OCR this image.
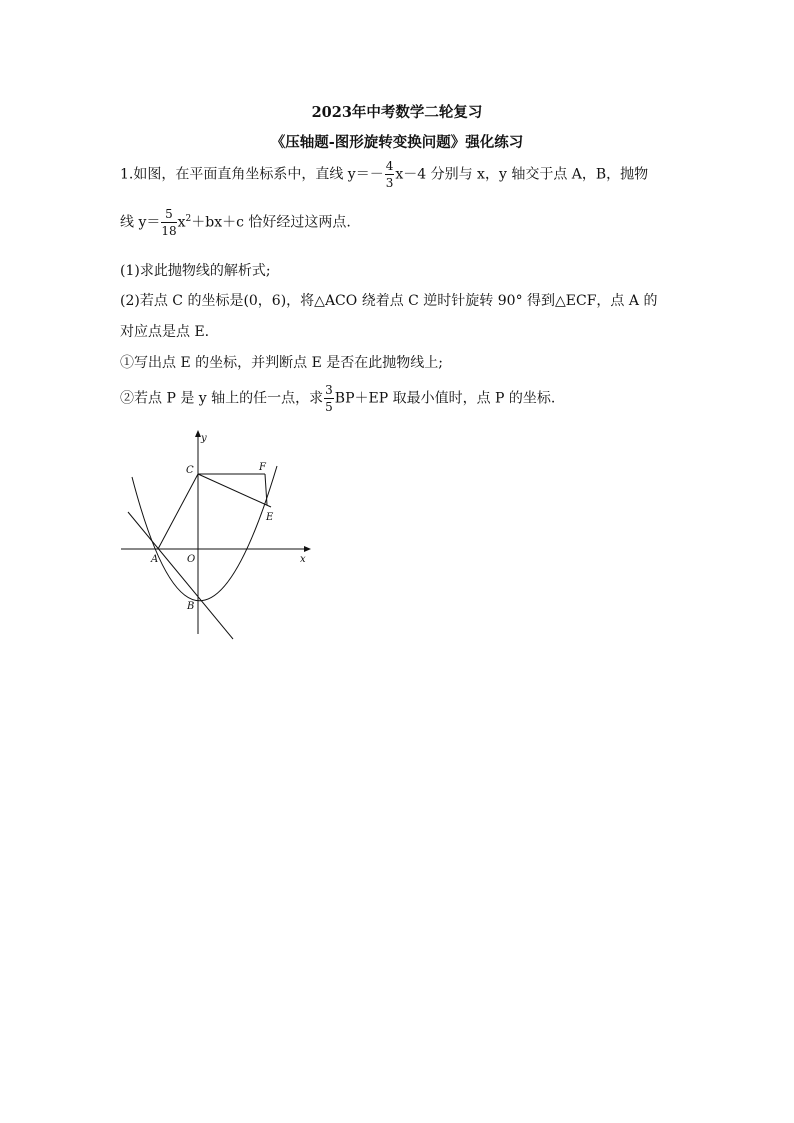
2023年中考数学二轮复习
《压轴题-图形旋转变换问题》强化练习
1.如图，在平面直角坐标系中，直线 $y=- \frac{4}{3} x-4$ 分别与 x，y 轴交于点 A，B，抛物
线 $y= \frac{5}{18} x^2+bx+c$ 恰好经过这两点.
(1)求此抛物线的解析式;
(2)若点 C 的坐标是(0，6)，将△ACO 绕着点 C 逆时针旋转 90° 得到△ECF，点 A 的
对应点是点 E.
①写出点 E 的坐标，并判断点 E 是否在此抛物线上;
②若点 P 是 y 轴上的任一点，求 $\frac{3}{5} BP+EP$ 取最小值时，点 P 的坐标.
y
x
C	F
E
A	O
B
